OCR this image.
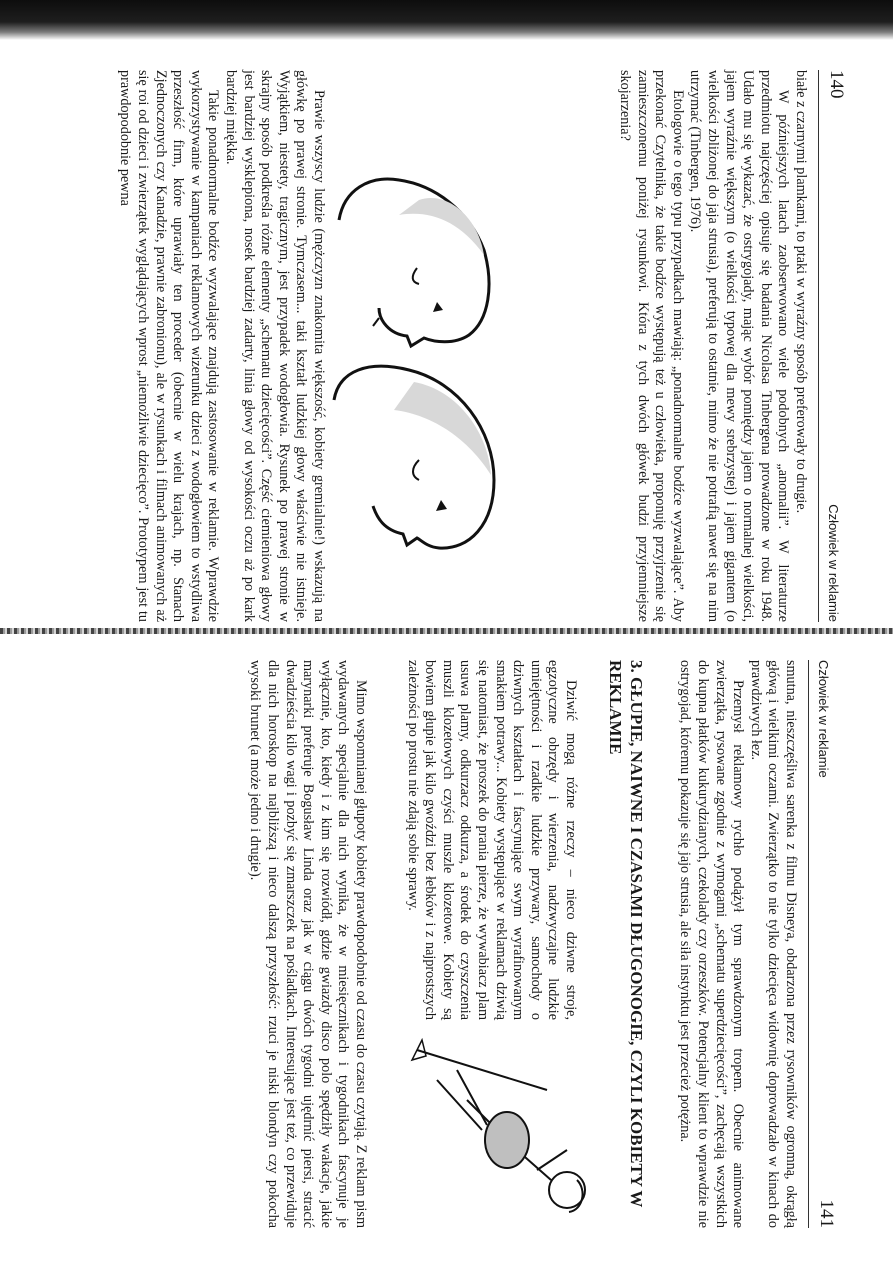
140
Człowiek w reklamie

białe z czarnymi plamkami, to ptaki w wyraźny sposób preferowały to drugie.

W późniejszych latach zaobserwowano wiele podobnych „anomalii”. W literaturze przedmiotu najczęściej opisuje się badania Nicolasa Tinbergena prowadzone w roku 1948. Udało mu się wykazać, że ostrygojady, mając wybór pomiędzy jajem o normalnej wielkości, jajem wyraźnie większym (o wielkości typowej dla mewy srebrzystej) i jajem gigantem (o wielkości zbliżonej do jaja strusia), preferują to ostatnie, mimo że nie potrafią nawet się na nim utrzymać (Tinbergen, 1976).

Etologowie o tego typu przypadkach mawiają: „ponadnormalne bodźce wyzwalające”. Aby przekonać Czytelnika, że takie bodźce występują też u człowieka, proponuję przyjrzenie się zamieszczonemu poniżej rysunkowi. Która z tych dwóch główek budzi przyjemniejsze skojarzenia?

Prawie wszyscy ludzie (mężczyzn znakomita większość, kobiety gremialnie!) wskazują na główkę po prawej stronie. Tymczasem... taki kształt ludzkiej głowy właściwie nie istnieje. Wyjątkiem, niestety, tragicznym, jest przypadek wodogłowia. Rysunek po prawej stronie w skrajny sposób podkreśla różne elementy „schematu dziecięcości”. Część ciemieniowa głowy jest bardziej wysklepiona, nosek bardziej zadarty, linia głowy od wysokości oczu aż po kark bardziej miękka.

Takie ponadnormalne bodźce wyzwalające znajdują zastosowanie w reklamie. Wprawdzie wykorzystywanie w kampaniach reklamowych wizerunku dzieci z wodogłowiem to wstydliwa przeszłość firm, które uprawiały ten proceder (obecnie w wielu krajach, np. Stanach Zjednoczonych czy Kanadzie, prawnie zabronionu), ale w rysunkach i filmach animowanych aż się roi od dzieci i zwierzątek wyglądających wprost „niemożliwie dziecięco”. Prototypem jest tu prawdopodobnie pewna

Człowiek w reklamie
141

smutna, nieszczęśliwa sarenka z filmu Disneya, obdarzona przez rysowników ogromną, okrągłą główą i wielkimi oczami. Zwierzątko to nie tylko dziecięca widownię doprowadzało w kinach do prawdziwych łez.

Przemysł reklamowy rychło podążył tym sprawdzonym tropem. Obecnie animowane zwierzątka, rysowane zgodnie z wymogami „schematu superdziecięcości”, zachęcają wszystkich do kupna płatków kukurydzianych, czekolady czy orzeszków. Potencjalny klient to wprawdzie nie ostrygojad, któremu pokazuje się jajo strusia, ale siła instynktu jest przecież potężna.

3. GŁUPIE, NAIWNE I CZASAMI DŁUGONOGIE, CZYLI KOBIETY W REKLAMIE

Dziwić mogą różne rzeczy – nieco dziwne stroje, egzotyczne obrzędy i wierzenia, nadzwyczajne ludzkie umiejętności i rzadkie ludzkie przywary, samochody o dziwnych kształtach i fascynujące swym wyrafinowanym smakiem potrawy... Kobiety występujące w reklamach dziwią się natomiast, że proszek do prania pierze, że wywabiacz plam usuwa plamy, odkurzacz odkurza, a środek do czyszczenia muszli klozetowych czyści muszle klozetowe. Kobiety są bowiem głupie jak kilo gwoździ bez łebków i z najprostszych zależności po prostu nie zdają sobie sprawy.

Mimo wspomnianej głupoty kobiety prawdopodobnie od czasu do czasu czytają. Z reklam pism wydawanych specjalnie dla nich wynika, że w miesięcznikach i tygodnikach fascynuje je wyłącznie, kto, kiedy i z kim się rozwiódł, gdzie gwiazdy disco polo spędziły wakacje, jakie marynarki preferuje Bogusław Linda oraz jak w ciągu dwóch tygodni ujędrnić piersi, stracić dwadzieścia kilo wagi i pozbyć się zmarszczek na pośladkach. Interesujące jest też, co przewiduje dla nich horoskop na najbliższą i nieco dalszą przyszłość: rzuci je niski blondyn czy pokocha wysoki brunet (a może jedno i drugie).
